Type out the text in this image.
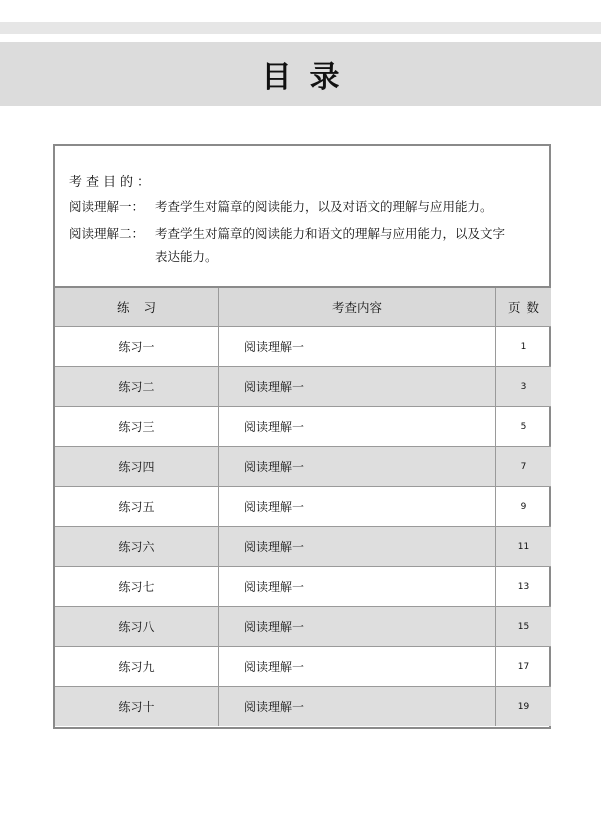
目录
考查目的：
阅读理解一： 考查学生对篇章的阅读能力，以及对语文的理解与应用能力。
阅读理解二： 考查学生对篇章的阅读能力和语文的理解与应用能力，以及文字
表达能力。
练习	考查内容	页数
练习一	阅读理解一	1
练习二	阅读理解一	3
练习三	阅读理解一	5
练习四	阅读理解一	7
练习五	阅读理解一	9
练习六	阅读理解一	11
练习七	阅读理解一	13
练习八	阅读理解一	15
练习九	阅读理解一	17
练习十	阅读理解一	19
